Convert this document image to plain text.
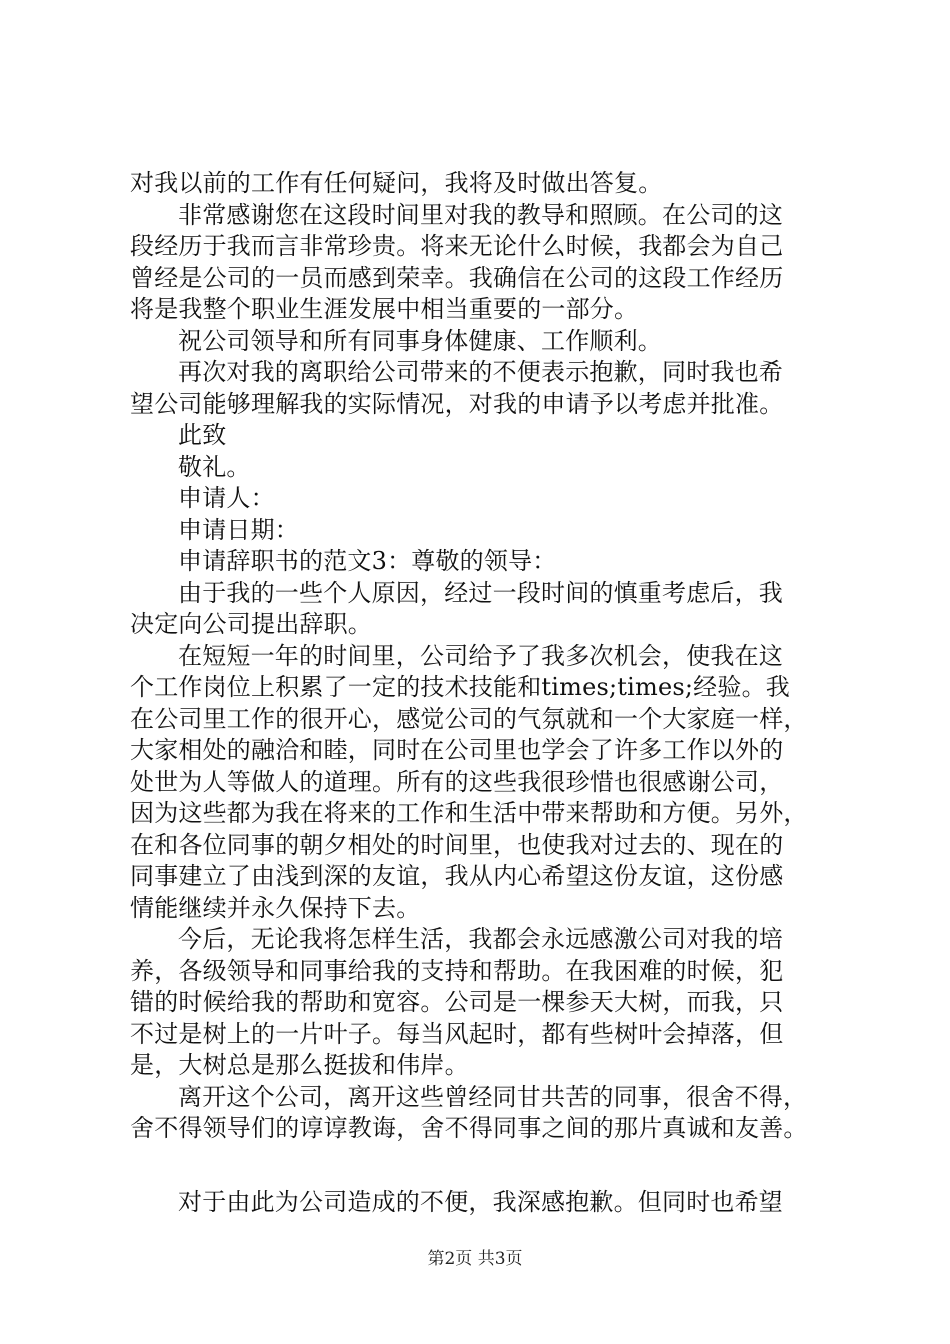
对我以前的工作有任何疑问，我将及时做出答复。
非常感谢您在这段时间里对我的教导和照顾。在公司的这
段经历于我而言非常珍贵。将来无论什么时候，我都会为自己
曾经是公司的一员而感到荣幸。我确信在公司的这段工作经历
将是我整个职业生涯发展中相当重要的一部分。
祝公司领导和所有同事身体健康、工作顺利。
再次对我的离职给公司带来的不便表示抱歉，同时我也希
望公司能够理解我的实际情况，对我的申请予以考虑并批准。
此致
敬礼。
申请人：
申请日期：
申请辞职书的范文3：尊敬的领导：
由于我的一些个人原因，经过一段时间的慎重考虑后，我
决定向公司提出辞职。
在短短一年的时间里，公司给予了我多次机会，使我在这
个工作岗位上积累了一定的技术技能和times;times;经验。我
在公司里工作的很开心，感觉公司的气氛就和一个大家庭一样，
大家相处的融洽和睦，同时在公司里也学会了许多工作以外的
处世为人等做人的道理。所有的这些我很珍惜也很感谢公司，
因为这些都为我在将来的工作和生活中带来帮助和方便。另外，
在和各位同事的朝夕相处的时间里，也使我对过去的、现在的
同事建立了由浅到深的友谊，我从内心希望这份友谊，这份感
情能继续并永久保持下去。
今后，无论我将怎样生活，我都会永远感激公司对我的培
养，各级领导和同事给我的支持和帮助。在我困难的时候，犯
错的时候给我的帮助和宽容。公司是一棵参天大树，而我，只
不过是树上的一片叶子。每当风起时，都有些树叶会掉落，但
是，大树总是那么挺拔和伟岸。
离开这个公司，离开这些曾经同甘共苦的同事，很舍不得，
舍不得领导们的谆谆教诲，舍不得同事之间的那片真诚和友善。
对于由此为公司造成的不便，我深感抱歉。但同时也希望
第2页 共3页
